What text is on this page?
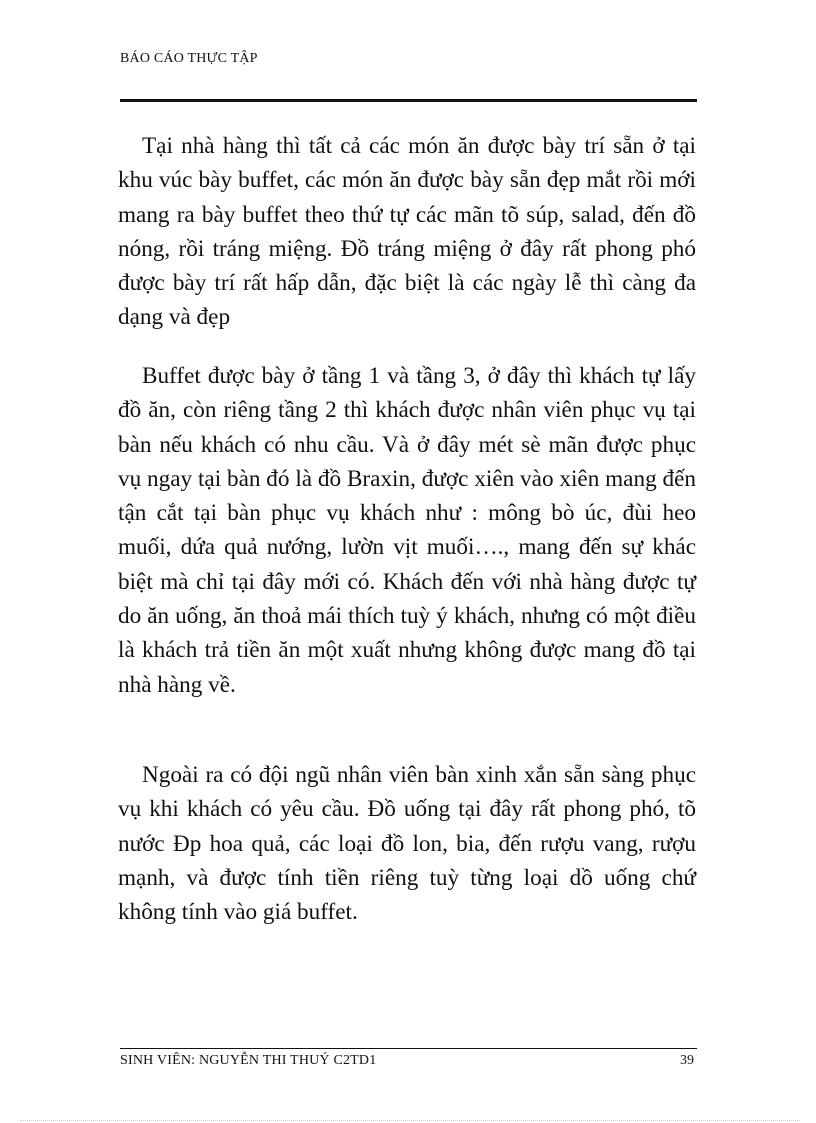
BÁO CÁO THỰC TẬP

Tại nhà hàng thì tất cả các món ăn được bày trí sẵn ở tại khu vúc bày buffet, các món ăn được bày sẵn đẹp mắt rồi mới mang ra bày buffet theo thứ tự các mãn tõ súp, salad, đến đồ nóng, rồi tráng miệng. Đồ tráng miệng ở đây rất phong phó được bày trí rất hấp dẫn, đặc biệt là các ngày lễ thì càng đa dạng và đẹp

Buffet được bày ở tầng 1 và tầng 3, ở đây thì khách tự lấy đồ ăn, còn riêng tầng 2 thì khách được nhân viên phục vụ tại bàn nếu khách có nhu cầu. Và ở đây mét sè mãn được phục vụ ngay tại bàn đó là đồ Braxin, được xiên vào xiên mang đến tận cắt tại bàn phục vụ khách như : mông bò úc, đùi heo muối, dứa quả nướng, lườn vịt muối…., mang đến sự khác biệt mà chỉ tại đây mới có. Khách đến với nhà hàng được tự do ăn uống, ăn thoả mái thích tuỳ ý khách, nhưng có một điều là khách trả tiền ăn một xuất nhưng không được mang đồ tại nhà hàng về.

Ngoài ra có đội ngũ nhân viên bàn xinh xắn sẵn sàng phục vụ khi khách có yêu cầu. Đồ uống tại đây rất phong phó, tõ nước Ðp hoa quả, các loại đồ lon, bia, đến rượu vang, rượu mạnh, và được tính tiền riêng tuỳ từng loại dồ uống chứ không tính vào giá buffet.

SINH VIÊN: NGUYỄN THI THUÝ C2TD1	39
